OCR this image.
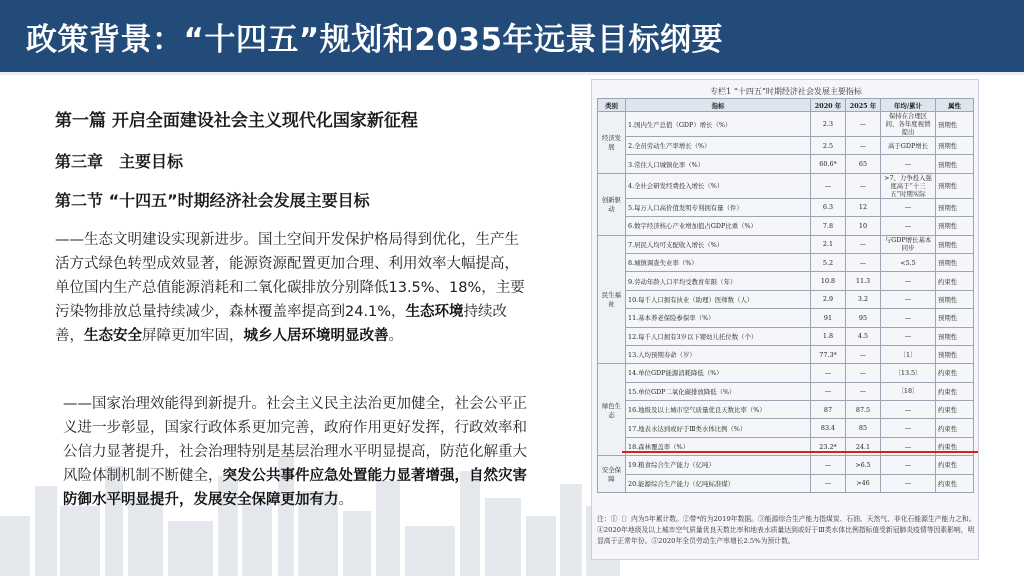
政策背景：“十四五”规划和2035年远景目标纲要
第一篇 开启全面建设社会主义现代化国家新征程
第三章　主要目标
第二节 “十四五”时期经济社会发展主要目标
——生态文明建设实现新进步。国土空间开发保护格局得到优化，生产生活方式绿色转型成效显著，能源资源配置更加合理、利用效率大幅提高，单位国内生产总值能源消耗和二氧化碳排放分别降低13.5%、18%，主要污染物排放总量持续减少，森林覆盖率提高到24.1%，生态环境持续改善，生态安全屏障更加牢固，城乡人居环境明显改善。
——国家治理效能得到新提升。社会主义民主法治更加健全，社会公平正义进一步彰显，国家行政体系更加完善，政府作用更好发挥，行政效率和公信力显著提升，社会治理特别是基层治理水平明显提高，防范化解重大风险体制机制不断健全，突发公共事件应急处置能力显著增强，自然灾害防御水平明显提升，发展安全保障更加有力。
专栏1 “十四五”时期经济社会发展主要指标
类别	指标	2020 年	2025 年	年均/累计	属性
经济发展	1.国内生产总值（GDP）增长（%）	2.3	—	保持在合理区间、各年度视情提出	预期性
	2.全员劳动生产率增长（%）	2.5	—	高于GDP增长	预期性
	3.常住人口城镇化率（%）	60.6*	65	—	预期性
创新驱动	4.全社会研发经费投入增长（%）	—	—	>7、力争投入强度高于“十三五”时期实际	预期性
	5.每万人口高价值发明专利拥有量（件）	6.3	12	—	预期性
	6.数字经济核心产业增加值占GDP比重（%）	7.8	10	—	预期性
民生福祉	7.居民人均可支配收入增长（%）	2.1	—	与GDP增长基本同步	预期性
	8.城镇调查失业率（%）	5.2	—	<5.5	预期性
	9.劳动年龄人口平均受教育年限（年）	10.8	11.3	—	约束性
	10.每千人口拥有执业（助理）医师数（人）	2.9	3.2	—	预期性
	11.基本养老保险参保率（%）	91	95	—	预期性
	12.每千人口拥有3岁以下婴幼儿托位数（个）	1.8	4.5	—	预期性
	13.人均预期寿命（岁）	77.3*	—	〔1〕	预期性
绿色生态	14.单位GDP能源消耗降低（%）	—	—	〔13.5〕	约束性
	15.单位GDP二氧化碳排放降低（%）	—	—	〔18〕	约束性
	16.地级及以上城市空气质量优良天数比率（%）	87	87.5	—	约束性
	17.地表水达到或好于Ⅲ类水体比例（%）	83.4	85	—	约束性
	18.森林覆盖率（%）	23.2*	24.1	—	约束性
安全保障	19.粮食综合生产能力（亿吨）	—	>6.5	—	约束性
	20.能源综合生产能力（亿吨标准煤）	—	>46	—	约束性
注：①〔〕内为5年累计数。②带*的为2019年数据。③能源综合生产能力指煤炭、石油、天然气、非化石能源生产能力之和。④2020年地级及以上城市空气质量优良天数比率和地表水质量达到或好于Ⅲ类水体比例指标值受新冠肺炎疫情等因素影响，明显高于正常年份。⑤2020年全员劳动生产率增长2.5%为预计数。
